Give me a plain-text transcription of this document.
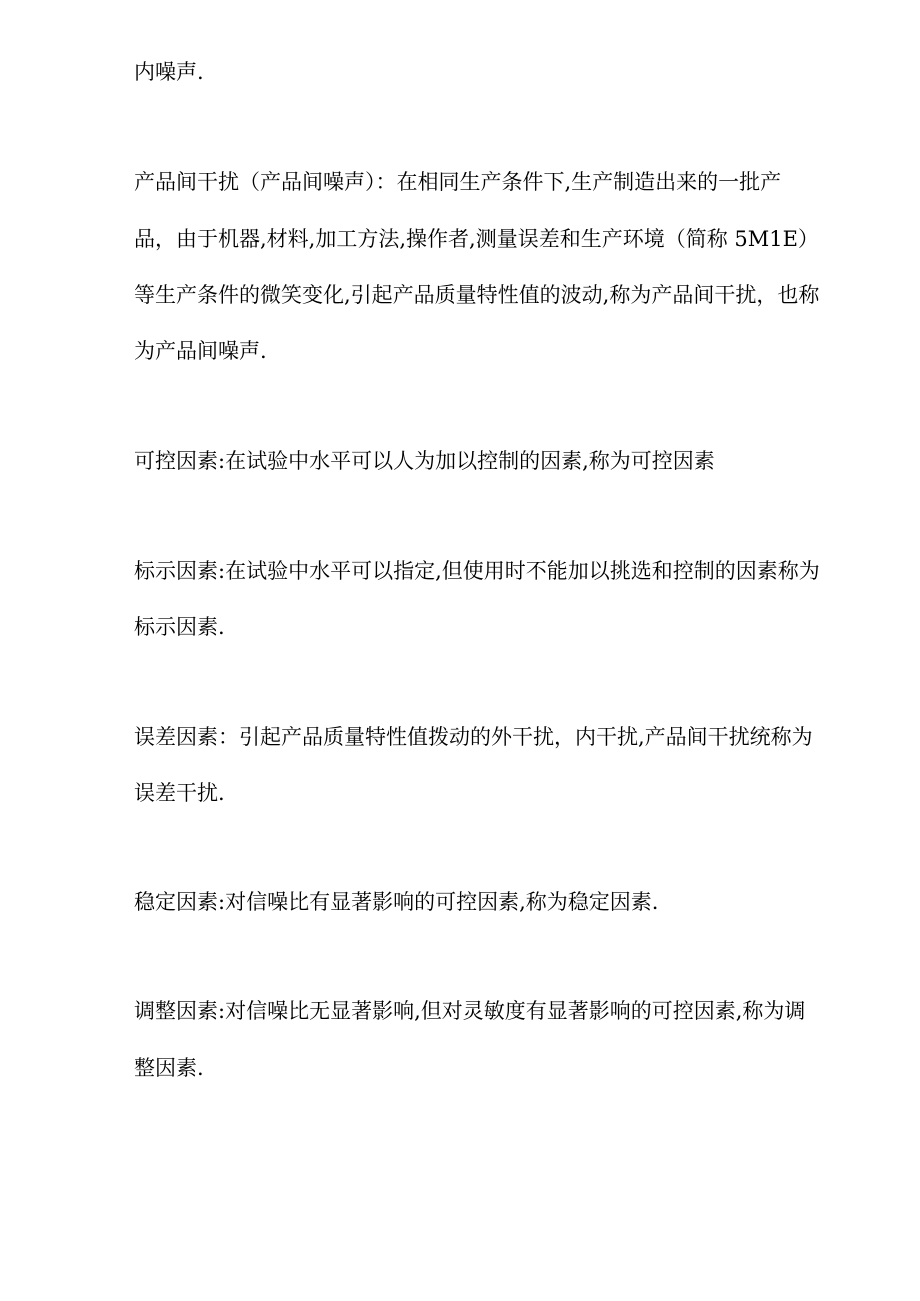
内噪声.
产品间干扰（产品间噪声）：在相同生产条件下,生产制造出来的一批产
品，由于机器,材料,加工方法,操作者,测量误差和生产环境（简称 5M1E）
等生产条件的微笑变化,引起产品质量特性值的波动,称为产品间干扰，也称
为产品间噪声.
可控因素:在试验中水平可以人为加以控制的因素,称为可控因素
标示因素:在试验中水平可以指定,但使用时不能加以挑选和控制的因素称为
标示因素.
误差因素：引起产品质量特性值拨动的外干扰，内干扰,产品间干扰统称为
误差干扰.
稳定因素:对信噪比有显著影响的可控因素,称为稳定因素.
调整因素:对信噪比无显著影响,但对灵敏度有显著影响的可控因素,称为调
整因素.
